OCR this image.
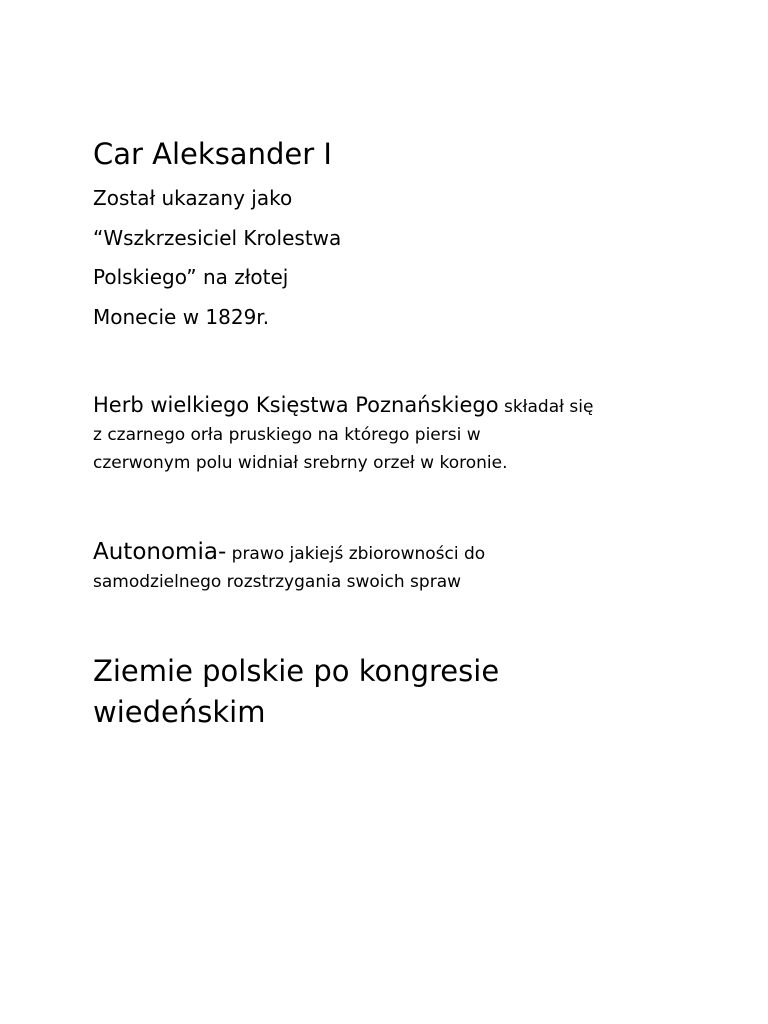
Car Aleksander I
Został ukazany jako
“Wszkrzesiciel Krolestwa
Polskiego” na złotej
Monecie w 1829r.
Herb wielkiego Księstwa Poznańskiego składał się
z czarnego orła pruskiego na którego piersi w
czerwonym polu widniał srebrny orzeł w koronie.
Autonomia- prawo jakiejś zbiorowności do
samodzielnego rozstrzygania swoich spraw
Ziemie polskie po kongresie
wiedeńskim
